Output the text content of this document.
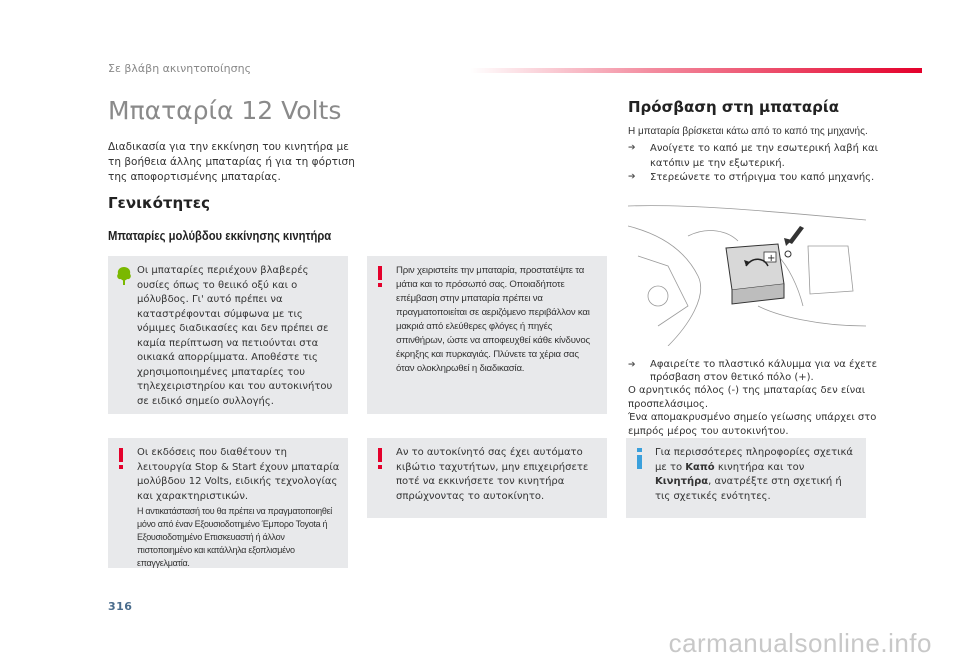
Σε βλάβη ακινητοποίησης
Μπαταρία 12 Volts

Διαδικασία για την εκκίνηση του κινητήρα με τη βοήθεια άλλης μπαταρίας ή για τη φόρτιση της αποφορτισμένης μπαταρίας.

Γενικότητες
Μπαταρίες μολύβδου εκκίνησης κινητήρα
Οι μπαταρίες περιέχουν βλαβερές ουσίες όπως το θειικό οξύ και ο μόλυβδος. Γι' αυτό πρέπει να καταστρέφονται σύμφωνα με τις νόμιμες διαδικασίες και δεν πρέπει σε καμία περίπτωση να πετιούνται στα οικιακά απορρίμματα. Αποθέστε τις χρησιμοποιημένες μπαταρίες του τηλεχειριστηρίου και του αυτοκινήτου σε ειδικό σημείο συλλογής.
Πριν χειριστείτε την μπαταρία, προστατέψτε τα μάτια και το πρόσωπό σας. Οποιαδήποτε επέμβαση στην μπαταρία πρέπει να πραγματοποιείται σε αεριζόμενο περιβάλλον και μακριά από ελεύθερες φλόγες ή πηγές σπινθήρων, ώστε να αποφευχθεί κάθε κίνδυνος έκρηξης και πυρκαγιάς. Πλύνετε τα χέρια σας όταν ολοκληρωθεί η διαδικασία.
Οι εκδόσεις που διαθέτουν τη λειτουργία Stop & Start έχουν μπαταρία μολύβδου 12 Volts, ειδικής τεχνολογίας και χαρακτηριστικών.
Η αντικατάστασή του θα πρέπει να πραγματοποιηθεί μόνο από έναν Εξουσιοδοτημένο Έμπορο Toyota ή Εξουσιοδοτημένο Επισκευαστή ή άλλον πιστοποιημένο και κατάλληλα εξοπλισμένο επαγγελματία.
Αν το αυτοκίνητό σας έχει αυτόματο κιβώτιο ταχυτήτων, μην επιχειρήσετε ποτέ να εκκινήσετε τον κινητήρα σπρώχνοντας το αυτοκίνητο.
Πρόσβαση στη μπαταρία

Η μπαταρία βρίσκεται κάτω από το καπό της μηχανής.

➔	Ανοίγετε το καπό με την εσωτερική λαβή και κατόπιν με την εξωτερική.
➔	Στερεώνετε το στήριγμα του καπό μηχανής.
+
➔	Αφαιρείτε το πλαστικό κάλυμμα για να έχετε πρόσβαση στον θετικό πόλο (+).
Ο αρνητικός πόλος (-) της μπαταρίας δεν είναι προσπελάσιμος.
Ένα απομακρυσμένο σημείο γείωσης υπάρχει στο εμπρός μέρος του αυτοκινήτου.
Για περισσότερες πληροφορίες σχετικά με το Καπό κινητήρα και τον Κινητήρα, ανατρέξτε στη σχετική ή τις σχετικές ενότητες.
316
carmanualsonline.info
